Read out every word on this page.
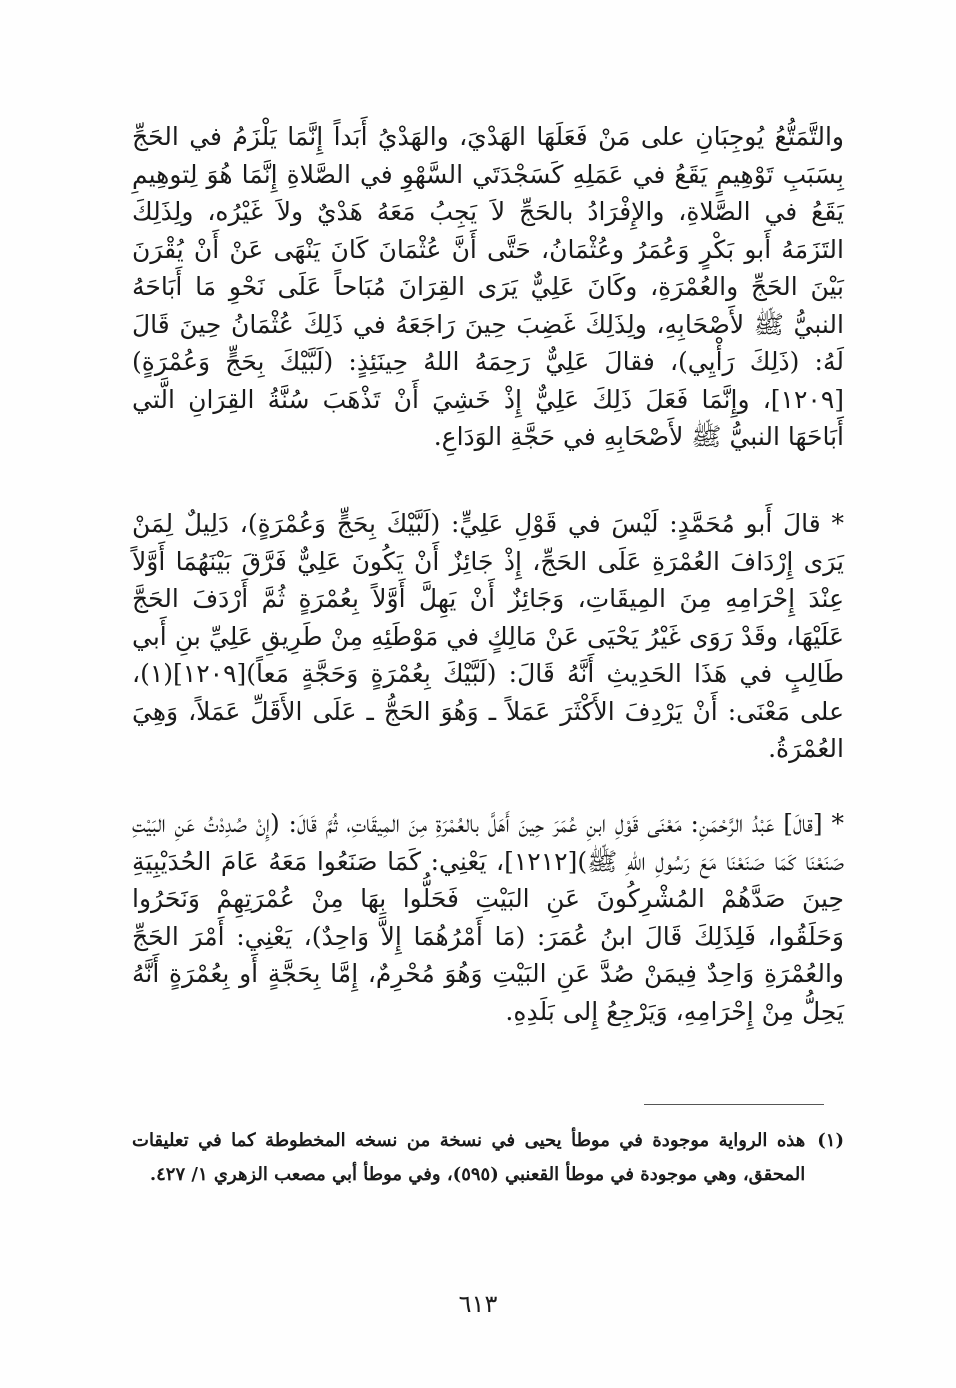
والتَّمَتُّعُ يُوجِبَانِ على مَنْ فَعَلَهَا الهَدْيَ، والهَدْيُ أَبَداً إِنَّمَا يَلْزَمُ في الحَجِّ بِسَبَبِ تَوْهِيمٍ يَقَعُ في عَمَلِهِ كَسَجْدَتَي السَّهْوِ في الصَّلاةِ إِنَّمَا هُوَ لِتوهِيمِ يَقَعُ في الصَّلاةِ، والإِفْرَادُ بالحَجِّ لاَ يَجِبُ مَعَهُ هَدْيٌ ولاَ غَيْرُه، ولِذَلِكَ التَزَمَهُ أَبو بَكْرٍ وَعُمَرُ وعُثْمَانُ، حَتَّى أَنَّ عُثْمَانَ كَانَ يَنْهَى عَنْ أَنْ يُقْرَنَ بَيْنَ الحَجِّ والعُمْرَةِ، وكَانَ عَلِيٌّ يَرَى القِرَانَ مُبَاحاً عَلَى نَحْوِ مَا أَبَاحَهُ النبيُّ ﷺ لأَصْحَابِهِ، ولِذَلِكَ غَضِبَ حِينَ رَاجَعَهُ في ذَلِكَ عُثْمَانُ حِينَ قَالَ لَهُ: (ذَلِكَ رَأْيِي)، فقالَ عَلِيٌّ رَحِمَهُ اللهُ حِينَئِذٍ: (لَبَّيْكَ بِحَجٍّ وَعُمْرَةٍ)[١٢٠٩]، وإِنَّمَا فَعَلَ ذَلِكَ عَلِيٌّ إِذْ خَشِيَ أَنْ تَذْهَبَ سُنَّةُ القِرَانِ الَّتي أَبَاحَهَا النبيُّ ﷺ لأَصْحَابِهِ في حَجَّةِ الوَدَاعِ.

* قالَ أَبو مُحَمَّدٍ: لَيْسَ في قَوْلِ عَلِيٍّ: (لَبَّيْكَ بِحَجٍّ وَعُمْرَةٍ)، دَلِيلٌ لِمَنْ يَرَى إِرْدَافَ العُمْرَةِ عَلَى الحَجِّ، إِذْ جَائِزٌ أَنْ يَكُونَ عَلِيٌّ فَرَّقَ بَيْنَهُمَا أَوَّلاً عِنْدَ إِحْرَامِهِ مِنَ المِيقَاتِ، وَجَائِزٌ أَنْ يَهِلَّ أَوَّلاً بِعُمْرَةٍ ثُمَّ أَرْدَفَ الحَجَّ عَلَيْهَا، وقَدْ رَوَى غَيْرُ يَحْيَى عَنْ مَالِكٍ في مَوْطَئِهِ مِنْ طَرِيقِ عَلِيِّ بنِ أَبي طَالِبٍ في هَذَا الحَدِيثِ أَنَّهُ قَالَ: (لَبَّيْكَ بِعُمْرَةٍ وَحَجَّةٍ مَعاً)[١٢٠٩](١)، على مَعْنَى: أَنْ يَرْدِفَ الأَكْثَرَ عَمَلاً ـ وَهُوَ الحَجُّ ـ عَلَى الأَقَلِّ عَمَلاً، وَهِيَ العُمْرَةُ.

* [قالَ] عَبْدُ الرَّحْمَنِ: مَعْنَى قَوْلِ ابنِ عُمَرَ حِينَ أَهَلَّ بالعُمْرَةِ مِنَ المِيقَاتِ، ثُمَّ قَالَ: (إِنْ صُدِدْتُ عَنِ البَيْتِ صَنَعْنَا كَمَا صَنَعْنَا مَعَ رَسُولِ اللهِ ﷺ)[١٢١٢]، يَعْنِي: كَمَا صَنَعُوا مَعَهُ عَامَ الحُدَيْبِيَةِ حِينَ صَدَّهُمْ المُشْرِكُونَ عَنِ البَيْتِ فَحَلُّوا بِهَا مِنْ عُمْرَتِهِمْ وَنَحَرُوا وَحَلَقُوا، فَلِذَلِكَ قَالَ ابنُ عُمَرَ: (مَا أَمْرُهُمَا إِلاَّ وَاحِدٌ)، يَعْنِي: أَمْرَ الحَجِّ والعُمْرَةِ وَاحِدٌ فِيمَنْ صُدَّ عَنِ البَيْتِ وَهُوَ مُحْرِمٌ، إِمَّا بِحَجَّةٍ أَو بِعُمْرَةٍ أَنَّهُ يَحِلُّ مِنْ إِحْرَامِهِ، وَيَرْجِعُ إِلى بَلَدِهِ.

(١)
هذه الرواية موجودة في موطأ يحيى في نسخة من نسخه المخطوطة كما في تعليقات المحقق، وهي موجودة في موطأ القعنبي (٥٩٥)، وفي موطأ أبي مصعب الزهري ١/ ٤٢٧.
٦١٣
